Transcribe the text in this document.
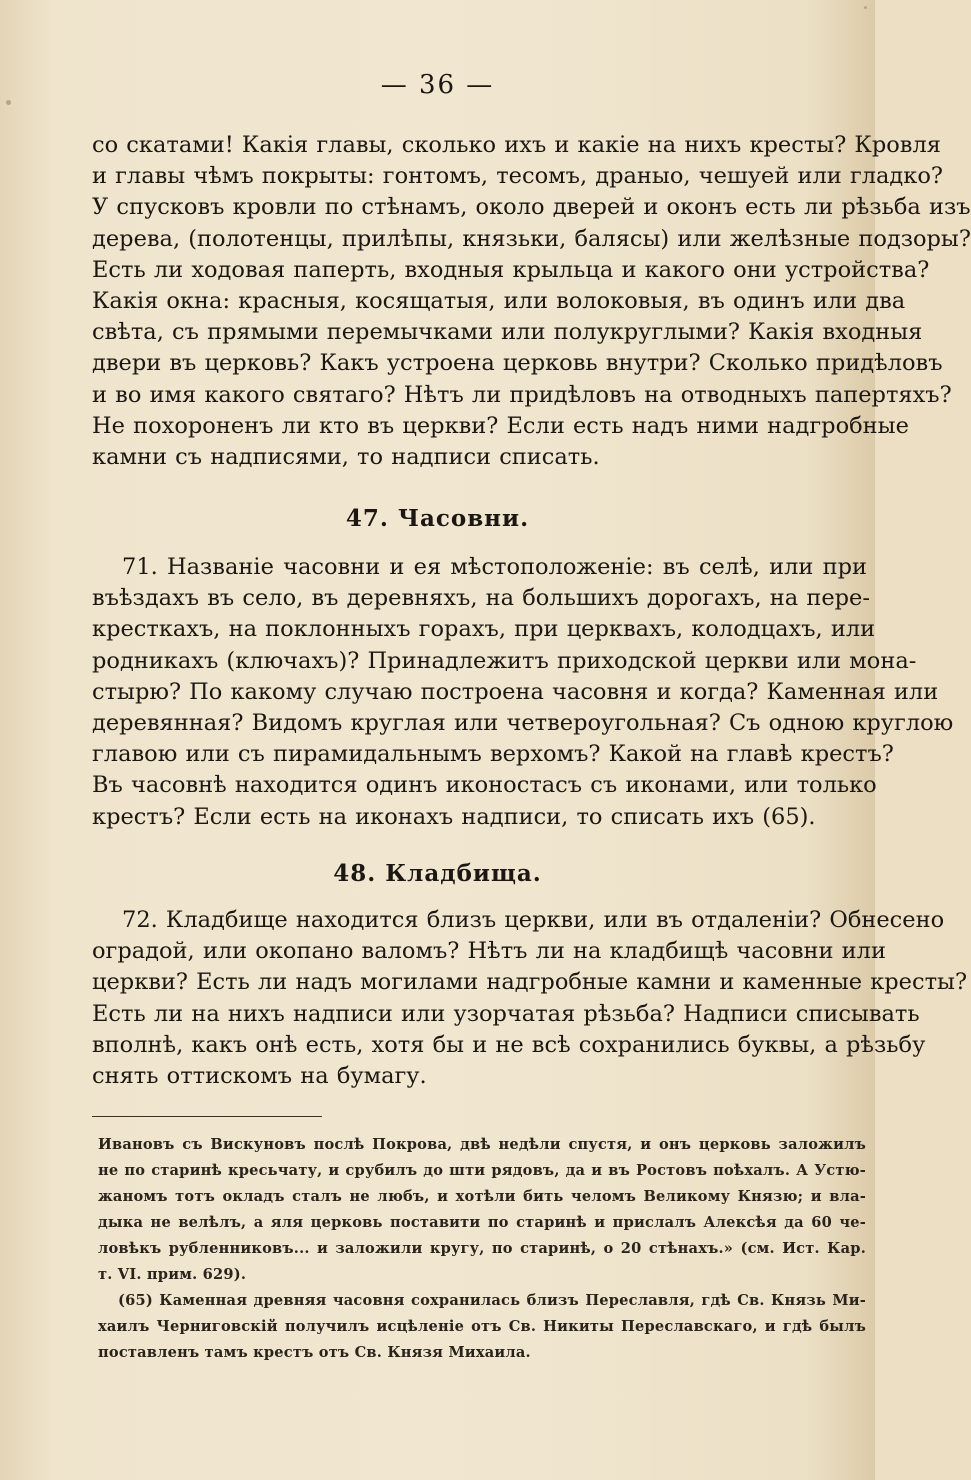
— 36 —
со скатами! Какія главы, сколько ихъ и какіе на нихъ кресты? Кровля
и главы чѣмъ покрыты: гонтомъ, тесомъ, драныо, чешуей или гладко?
У спусковъ кровли по стѣнамъ, около дверей и оконъ есть ли рѣзьба изъ
дерева, (полотенцы, прилѣпы, князьки, балясы) или желѣзные подзоры?
Есть ли ходовая паперть, входныя крыльца и какого они устройства?
Какія окна: красныя, косящатыя, или волоковыя, въ одинъ или два
свѣта, съ прямыми перемычками или полукруглыми? Какія входныя
двери въ церковь? Какъ устроена церковь внутри? Сколько придѣловъ
и во имя какого святаго? Нѣтъ ли придѣловъ на отводныхъ папертяхъ?
Не похороненъ ли кто въ церкви? Если есть надъ ними надгробные
камни съ надписями, то надписи списать.
47. Часовни.
71. Названіе часовни и ея мѣстоположеніе: въ селѣ, или при
въѣздахъ въ село, въ деревняхъ, на большихъ дорогахъ, на пере-
кресткахъ, на поклонныхъ горахъ, при церквахъ, колодцахъ, или
родникахъ (ключахъ)? Принадлежитъ приходской церкви или мона-
стырю? По какому случаю построена часовня и когда? Каменная или
деревянная? Видомъ круглая или четвероугольная? Съ одною круглою
главою или съ пирамидальнымъ верхомъ? Какой на главѣ крестъ?
Въ часовнѣ находится одинъ иконостасъ съ иконами, или только
крестъ? Если есть на иконахъ надписи, то списать ихъ (65).
48. Кладбища.
72. Кладбище находится близъ церкви, или въ отдаленіи? Обнесено
оградой, или окопано валомъ? Нѣтъ ли на кладбищѣ часовни или
церкви? Есть ли надъ могилами надгробные камни и каменные кресты?
Есть ли на нихъ надписи или узорчатая рѣзьба? Надписи списывать
вполнѣ, какъ онѣ есть, хотя бы и не всѣ сохранились буквы, а рѣзьбу
снять оттискомъ на бумагу.
Ивановъ съ Вискуновъ послѣ Покрова, двѣ недѣли спустя, и онъ церковь заложилъ
не по старинѣ кресьчату, и срубилъ до шти рядовъ, да и въ Ростовъ поѣхалъ. А Устю-
жаномъ тотъ окладъ сталъ не любъ, и хотѣли бить челомъ Великому Князю; и вла-
дыка не велѣлъ, а яля церковь поставити по старинѣ и прислалъ Алексѣя да 60 че-
ловѣкъ рубленниковъ... и заложили кругу, по старинѣ, о 20 стѣнахъ.» (см. Ист. Кар.
т. VI. прим. 629).
(65) Каменная древняя часовня сохранилась близъ Переславля, гдѣ Св. Князь Ми-
хаилъ Черниговскій получилъ исцѣленіе отъ Св. Никиты Переславскаго, и гдѣ былъ
поставленъ тамъ крестъ отъ Св. Князя Михаила.
